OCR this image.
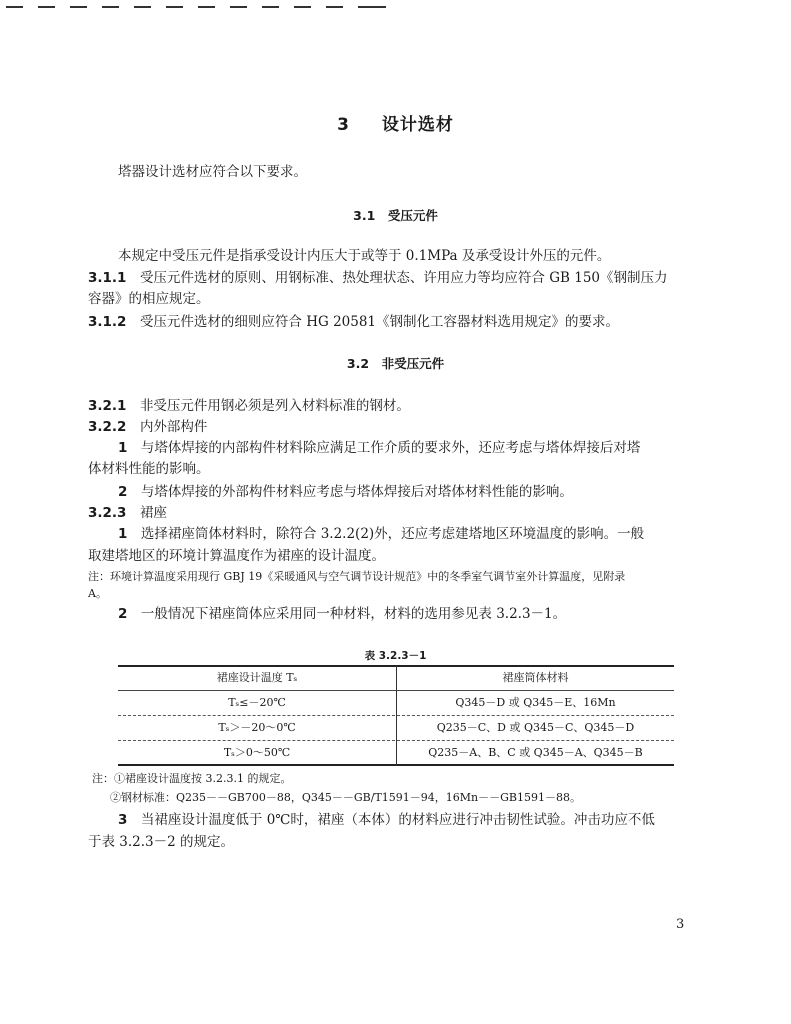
3 设计选材
塔器设计选材应符合以下要求。
3.1　受压元件
本规定中受压元件是指承受设计内压大于或等于 0.1MPa 及承受设计外压的元件。
3.1.1　 受压元件选材的原则、用钢标准、热处理状态、许用应力等均应符合 GB 150《钢制压力
容器》的相应规定。
3.1.2　 受压元件选材的细则应符合 HG 20581《钢制化工容器材料选用规定》的要求。
3.2　非受压元件
3.2.1　 非受压元件用钢必须是列入材料标准的钢材。
3.2.2　 内外部构件
1　 与塔体焊接的内部构件材料除应满足工作介质的要求外，还应考虑与塔体焊接后对塔
体材料性能的影响。
2　 与塔体焊接的外部构件材料应考虑与塔体焊接后对塔体材料性能的影响。
3.2.3　 裙座
1　 选择裙座筒体材料时，除符合 3.2.2(2)外，还应考虑建塔地区环境温度的影响。一般
取建塔地区的环境计算温度作为裙座的设计温度。
注：环境计算温度采用现行 GBJ 19《采暖通风与空气调节设计规范》中的冬季室气调节室外计算温度，见附录
A。
2　 一般情况下裙座筒体应采用同一种材料，材料的选用参见表 3.2.3－1。
表 3.2.3－1
裙座设计温度 Tₛ	裙座筒体材料
Tₛ≤－20℃	Q345－D 或 Q345－E、16Mn
Tₛ＞－20～0℃	Q235－C、D 或 Q345－C、Q345－D
Tₛ＞0～50℃	Q235－A、B、C 或 Q345－A、Q345－B
注：①裙座设计温度按 3.2.3.1 的规定。
②钢材标准：Q235－－GB700－88，Q345－－GB/T1591－94，16Mn－－GB1591－88。
3　 当裙座设计温度低于 0℃时，裙座（本体）的材料应进行冲击韧性试验。冲击功应不低
于表 3.2.3－2 的规定。
3
